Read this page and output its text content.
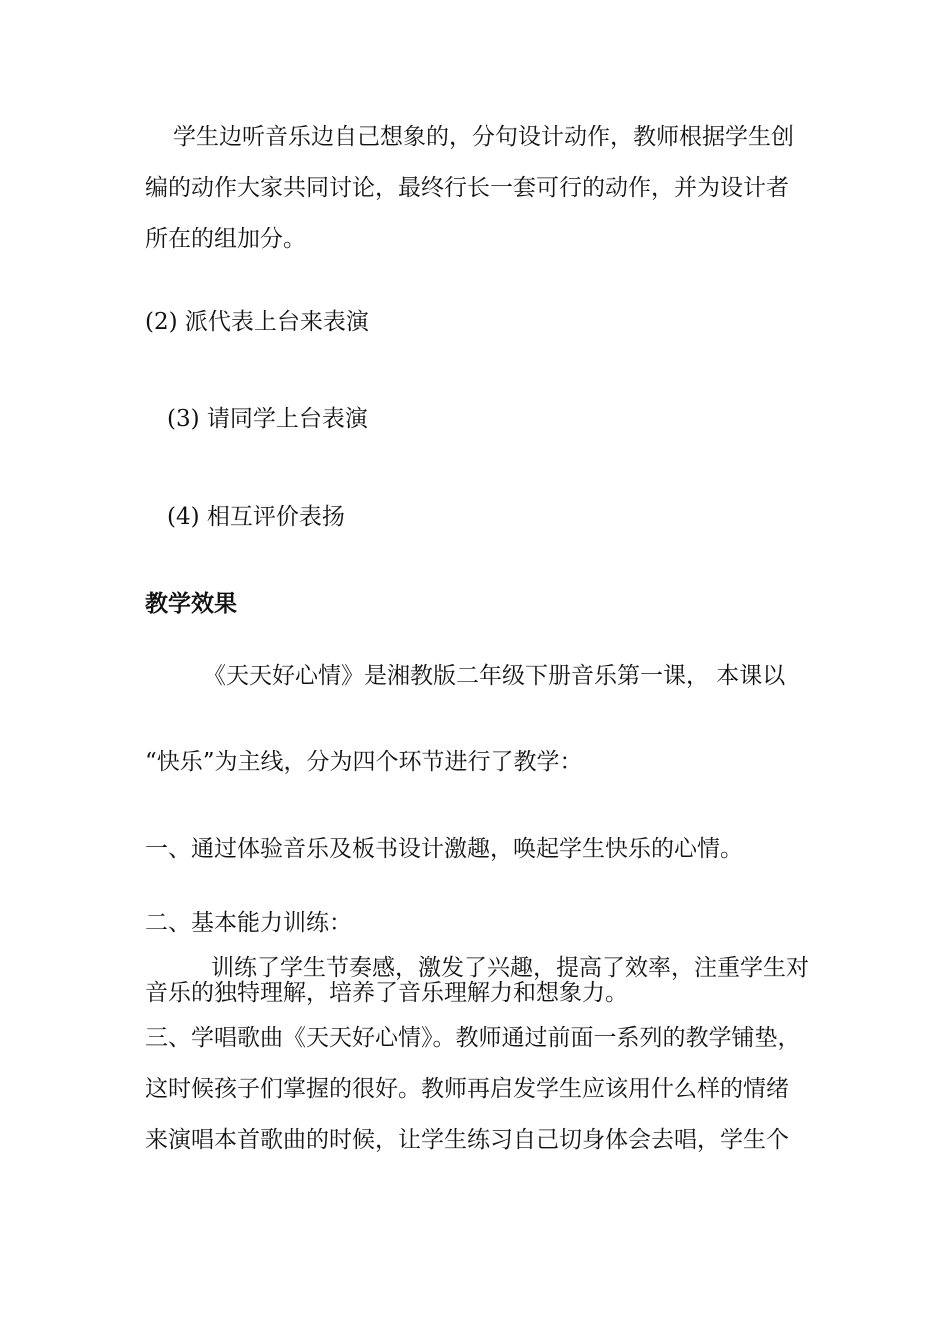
学生边听音乐边自己想象的，分句设计动作，教师根据学生创
编的动作大家共同讨论，最终行长一套可行的动作，并为设计者
所在的组加分。
(2) 派代表上台来表演
(3) 请同学上台表演
(4) 相互评价表扬
教学效果
《天天好心情》是湘教版二年级下册音乐第一课， 本课以
“快乐”为主线，分为四个环节进行了教学：
一、通过体验音乐及板书设计激趣，唤起学生快乐的心情。
二、基本能力训练：
训练了学生节奏感，激发了兴趣，提高了效率，注重学生对
音乐的独特理解，培养了音乐理解力和想象力。
三、学唱歌曲《天天好心情》。教师通过前面一系列的教学铺垫，
这时候孩子们掌握的很好。教师再启发学生应该用什么样的情绪
来演唱本首歌曲的时候，让学生练习自己切身体会去唱，学生个
